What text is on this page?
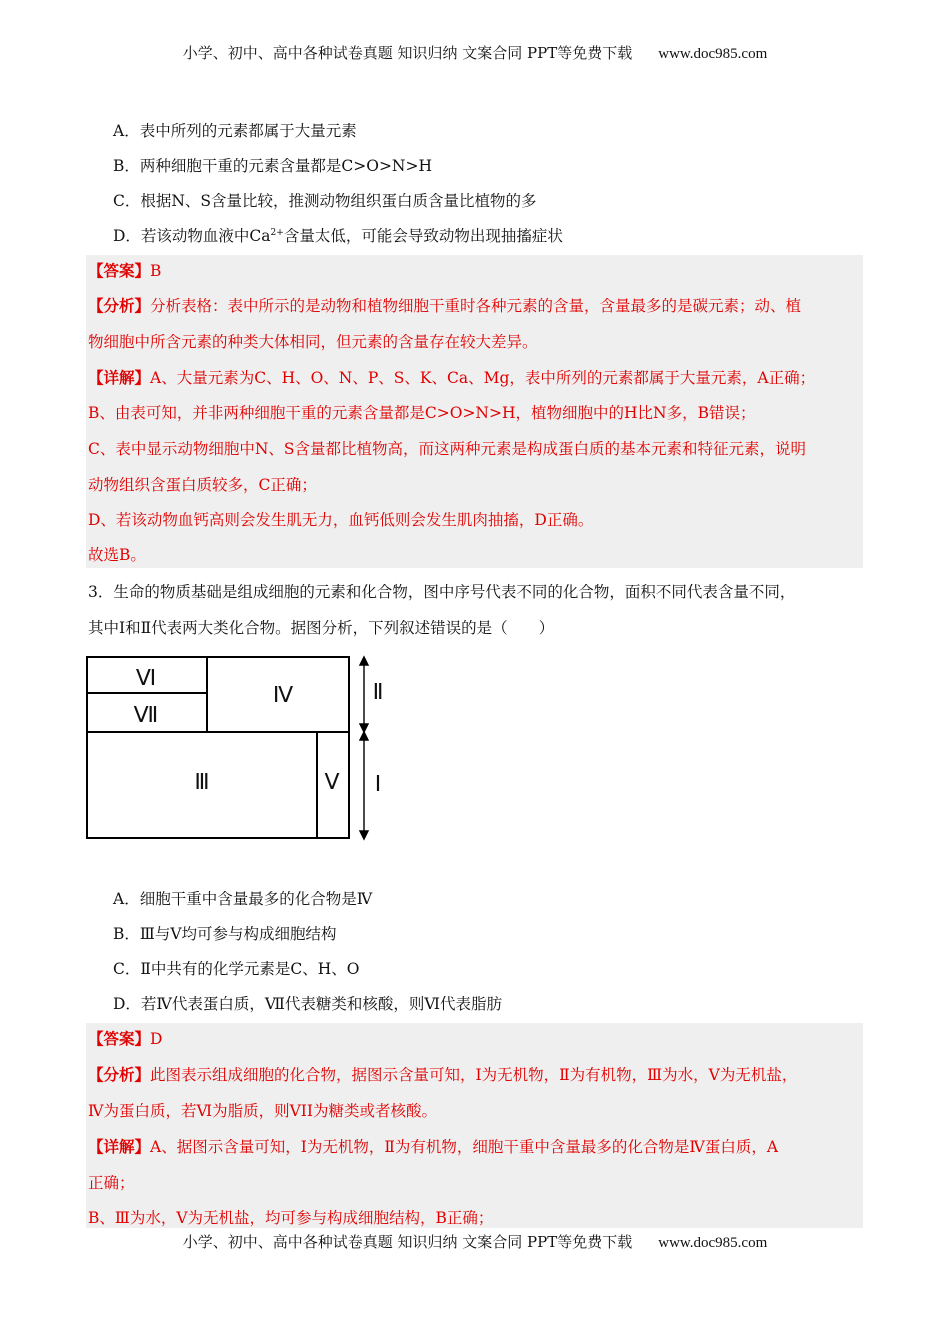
小学、初中、高中各种试卷真题 知识归纳 文案合同 PPT等免费下载 www.doc985.com
A．表中所列的元素都属于大量元素
B．两种细胞干重的元素含量都是C>O>N>H
C．根据N、S含量比较，推测动物组织蛋白质含量比植物的多
D．若该动物血液中$Ca^{2+}$含量太低，可能会导致动物出现抽搐症状
【答案】B
【分析】分析表格：表中所示的是动物和植物细胞干重时各种元素的含量，含量最多的是碳元素；动、植
物细胞中所含元素的种类大体相同，但元素的含量存在较大差异。
【详解】A、大量元素为C、H、O、N、P、S、K、Ca、Mg，表中所列的元素都属于大量元素，A正确；
B、由表可知，并非两种细胞干重的元素含量都是C>O>N>H，植物细胞中的H比N多，B错误；
C、表中显示动物细胞中N、S含量都比植物高，而这两种元素是构成蛋白质的基本元素和特征元素，说明
动物组织含蛋白质较多，C正确；
D、若该动物血钙高则会发生肌无力，血钙低则会发生肌肉抽搐，D正确。
故选B。
3．生命的物质基础是组成细胞的元素和化合物，图中序号代表不同的化合物，面积不同代表含量不同，
其中Ⅰ和Ⅱ代表两大类化合物。据图分析，下列叙述错误的是（　　）
Ⅵ
Ⅶ
Ⅳ
Ⅲ	Ⅴ
Ⅱ
Ⅰ
A．细胞干重中含量最多的化合物是Ⅳ
B．Ⅲ与Ⅴ均可参与构成细胞结构
C．Ⅱ中共有的化学元素是C、H、O
D．若Ⅳ代表蛋白质，Ⅶ代表糖类和核酸，则Ⅵ代表脂肪
【答案】D
【分析】此图表示组成细胞的化合物，据图示含量可知，Ⅰ为无机物，Ⅱ为有机物，Ⅲ为水，Ⅴ为无机盐，
Ⅳ为蛋白质，若Ⅵ为脂质，则VII为糖类或者核酸。
【详解】A、据图示含量可知，Ⅰ为无机物，Ⅱ为有机物，细胞干重中含量最多的化合物是Ⅳ蛋白质，A
正确；
B、Ⅲ为水，Ⅴ为无机盐，均可参与构成细胞结构，B正确；
小学、初中、高中各种试卷真题 知识归纳 文案合同 PPT等免费下载 www.doc985.com
